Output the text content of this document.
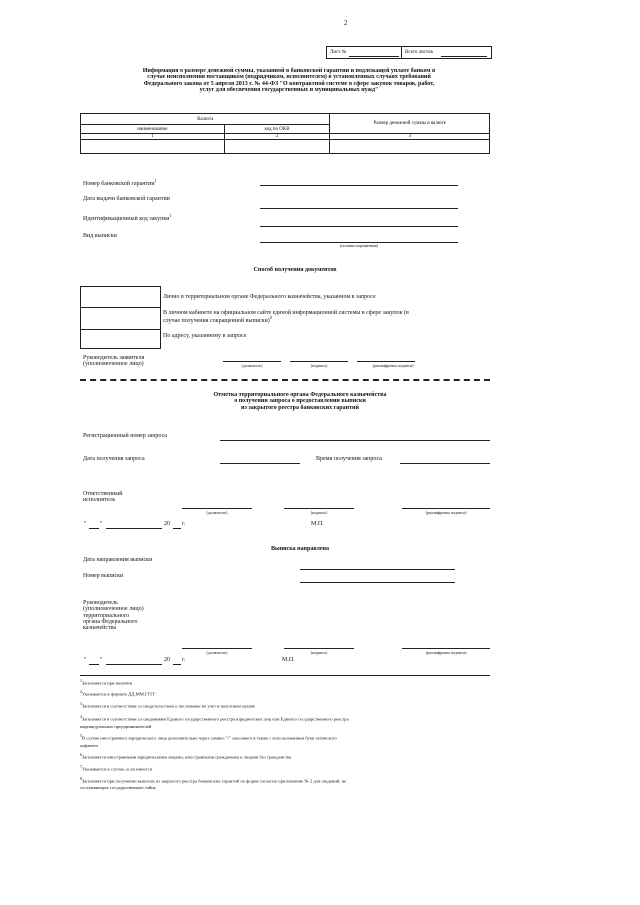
2
Лист №	Всего листов
Информация о размере денежной суммы, указанной в банковской гарантии и подлежащей уплате банком в
случае неисполнения поставщиком (подрядчиком, исполнителем) в установленных случаях требований
Федерального закона от 5 апреля 2013 г. № 44-ФЗ "О контрактной системе в сфере закупок товаров, работ,
услуг для обеспечения государственных и муниципальных нужд"
Валюта		Размер денежной суммы в валюте
наименование	код по ОКВ	
1	2	3

Номер банковской гарантии$^1$
Дата выдачи банковской гарантии
Идентификационный код закупки$^1$
Вид выписки
(полная/сокращенная)
Способ получения документов
Лично в территориальном органе Федерального казначейства, указанном в запросе
В личном кабинете на официальном сайте единой информационной системы в сфере закупок (в
случае получения сокращенной выписки)$^8$
По адресу, указанному в запросе
Руководитель заявителя
(уполномоченное лицо)	(должность)	(подпись)	(расшифровка подписи)
Отметка территориального органа Федерального казначейства
о получении запроса о предоставлении выписки
из закрытого реестра банковских гарантий
Регистрационный номер запроса
Дата получения запроса	Время получения запроса
Ответственный
исполнитель
(должность)	(подпись)	(расшифровка подписи)
" "	20 г.	М.П.
Выписка направлена
Дата направления выписки
Номер выписки
Руководитель
(уполномоченное лицо)
территориального
органа Федерального
казначейства
(должность)	(подпись)	(расшифровка подписи)
" "	20 г.	М.П.
$^1$Заполняется при наличии
$^2$Указывается в формате ДД.ММ.ГГГГ
$^3$Заполняется в соответствии со свидетельством о постановке на учет в налоговом органе
$^4$Заполняется в соответствии со сведениями Единого государственного реестра юридических лиц или Единого государственного реестра
индивидуальных предпринимателей
$^5$В случае иностранного юридического лица дополнительно через символ "/" заполняется также с использованием букв латинского
алфавита
$^6$Заполняется иностранными юридическими лицами, иностранными гражданами и лицами без гражданства
$^7$Указывается в случае, если имеется
$^8$Заполняется при получении выписки из закрытого реестра банковских гарантий по форме согласно приложению № 2 для сведений, не
составляющих государственную тайну
